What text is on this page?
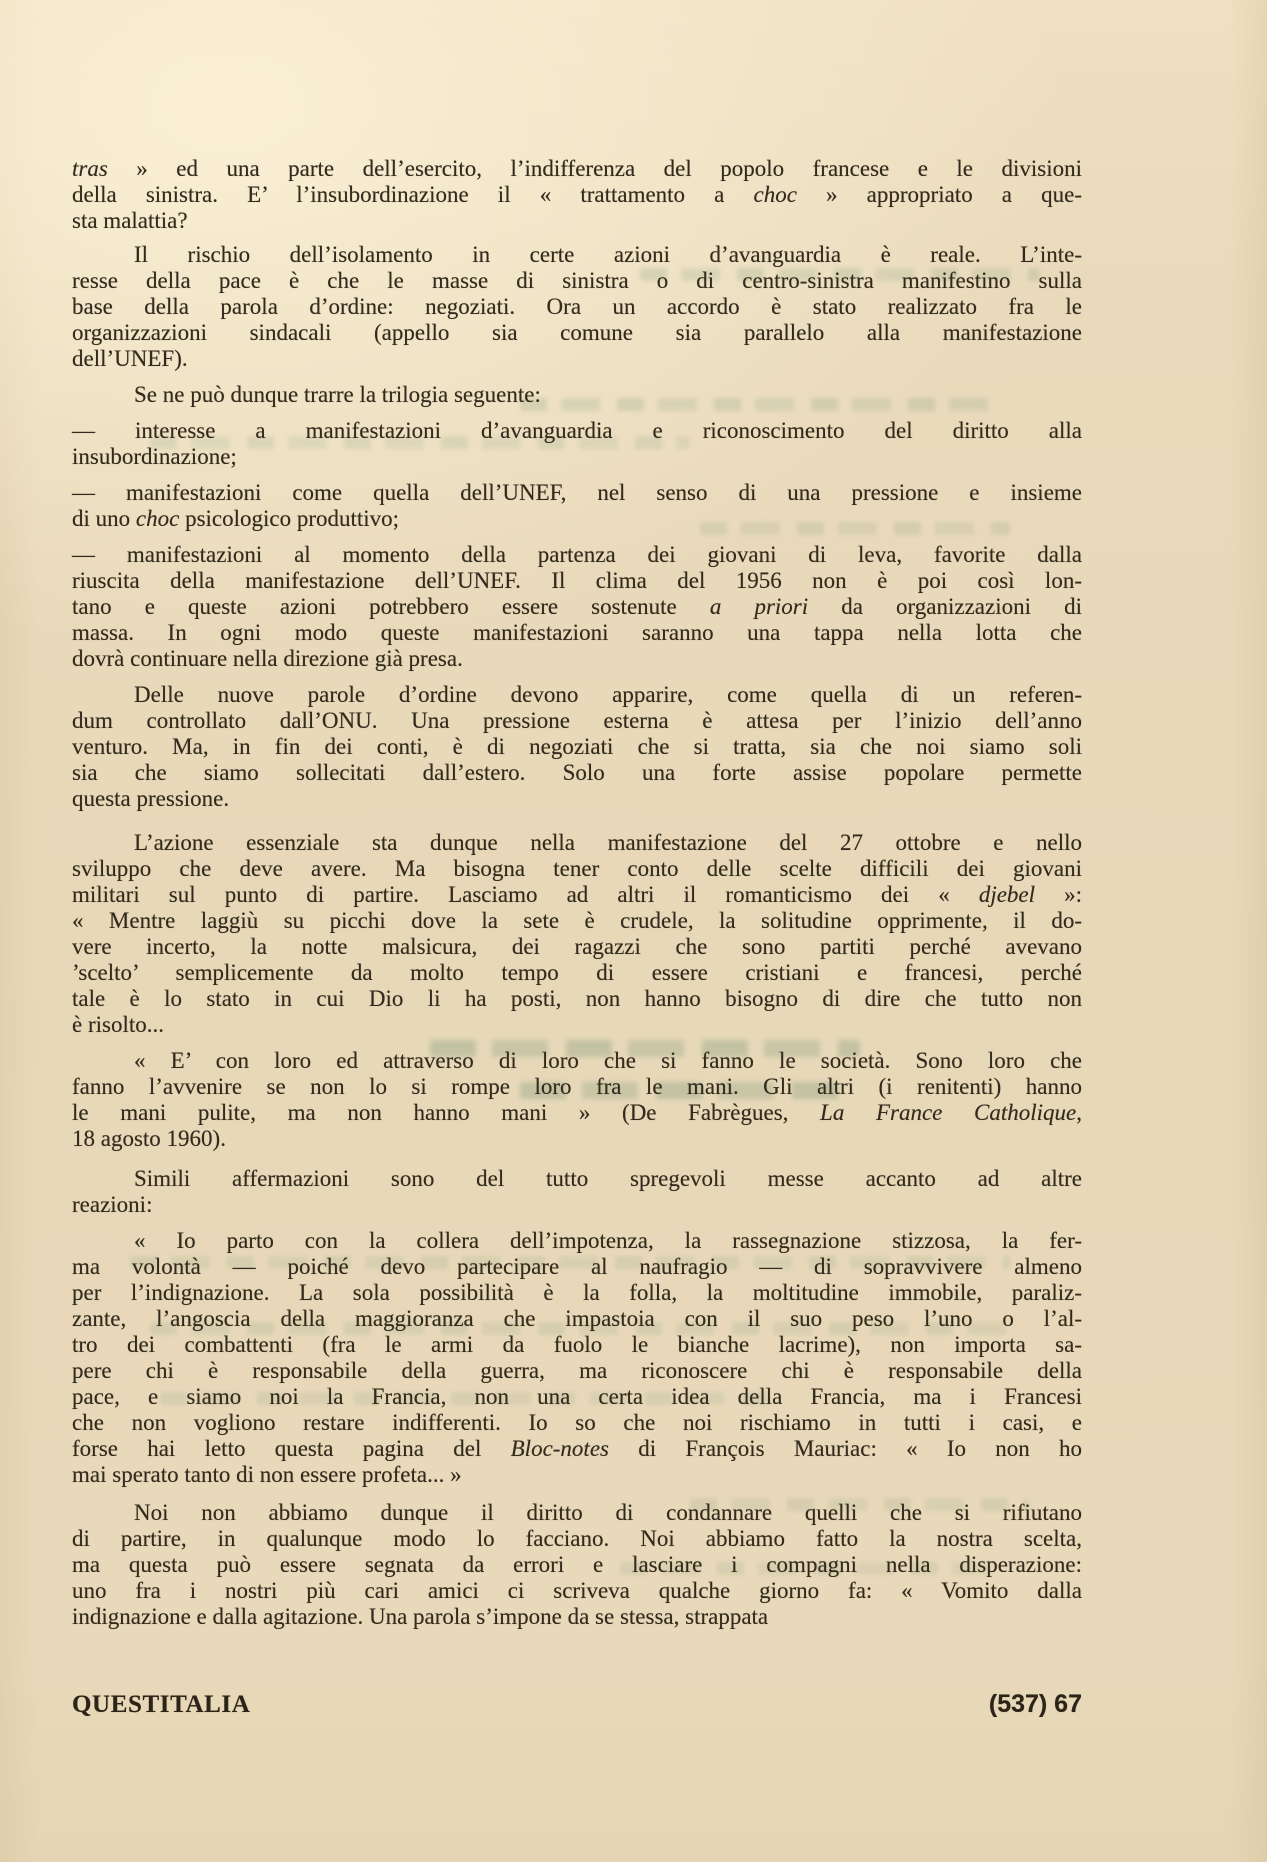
tras » ed una parte dell’esercito, l’indifferenza del popolo francese e le divisioni
della sinistra. E’ l’insubordinazione il « trattamento a choc » appropriato a que-
sta malattia?
Il rischio dell’isolamento in certe azioni d’avanguardia è reale. L’inte-
resse della pace è che le masse di sinistra o di centro-sinistra manifestino sulla
base della parola d’ordine: negoziati. Ora un accordo è stato realizzato fra le
organizzazioni sindacali (appello sia comune sia parallelo alla manifestazione
dell’UNEF).
Se ne può dunque trarre la trilogia seguente:
— interesse a manifestazioni d’avanguardia e riconoscimento del diritto alla
insubordinazione;
— manifestazioni come quella dell’UNEF, nel senso di una pressione e insieme
di uno choc psicologico produttivo;
— manifestazioni al momento della partenza dei giovani di leva, favorite dalla
riuscita della manifestazione dell’UNEF. Il clima del 1956 non è poi così lon-
tano e queste azioni potrebbero essere sostenute a priori da organizzazioni di
massa. In ogni modo queste manifestazioni saranno una tappa nella lotta che
dovrà continuare nella direzione già presa.
Delle nuove parole d’ordine devono apparire, come quella di un referen-
dum controllato dall’ONU. Una pressione esterna è attesa per l’inizio dell’anno
venturo. Ma, in fin dei conti, è di negoziati che si tratta, sia che noi siamo soli
sia che siamo sollecitati dall’estero. Solo una forte assise popolare permette
questa pressione.
L’azione essenziale sta dunque nella manifestazione del 27 ottobre e nello
sviluppo che deve avere. Ma bisogna tener conto delle scelte difficili dei giovani
militari sul punto di partire. Lasciamo ad altri il romanticismo dei « djebel »:
« Mentre laggiù su picchi dove la sete è crudele, la solitudine opprimente, il do-
vere incerto, la notte malsicura, dei ragazzi che sono partiti perché avevano
’scelto’ semplicemente da molto tempo di essere cristiani e francesi, perché
tale è lo stato in cui Dio li ha posti, non hanno bisogno di dire che tutto non
è risolto...
« E’ con loro ed attraverso di loro che si fanno le società. Sono loro che
fanno l’avvenire se non lo si rompe loro fra le mani. Gli altri (i renitenti) hanno
le mani pulite, ma non hanno mani » (De Fabrègues, La France Catholique,
18 agosto 1960).
Simili affermazioni sono del tutto spregevoli messe accanto ad altre
reazioni:
« Io parto con la collera dell’impotenza, la rassegnazione stizzosa, la fer-
ma volontà — poiché devo partecipare al naufragio — di sopravvivere almeno
per l’indignazione. La sola possibilità è la folla, la moltitudine immobile, paraliz-
zante, l’angoscia della maggioranza che impastoia con il suo peso l’uno o l’al-
tro dei combattenti (fra le armi da fuolo le bianche lacrime), non importa sa-
pere chi è responsabile della guerra, ma riconoscere chi è responsabile della
pace, e siamo noi la Francia, non una certa idea della Francia, ma i Francesi
che non vogliono restare indifferenti. Io so che noi rischiamo in tutti i casi, e
forse hai letto questa pagina del Bloc-notes di François Mauriac: « Io non ho
mai sperato tanto di non essere profeta... »
Noi non abbiamo dunque il diritto di condannare quelli che si rifiutano
di partire, in qualunque modo lo facciano. Noi abbiamo fatto la nostra scelta,
ma questa può essere segnata da errori e lasciare i compagni nella disperazione:
uno fra i nostri più cari amici ci scriveva qualche giorno fa: « Vomito dalla
indignazione e dalla agitazione. Una parola s’impone da se stessa, strappata
QUESTITALIA	(537) 67
